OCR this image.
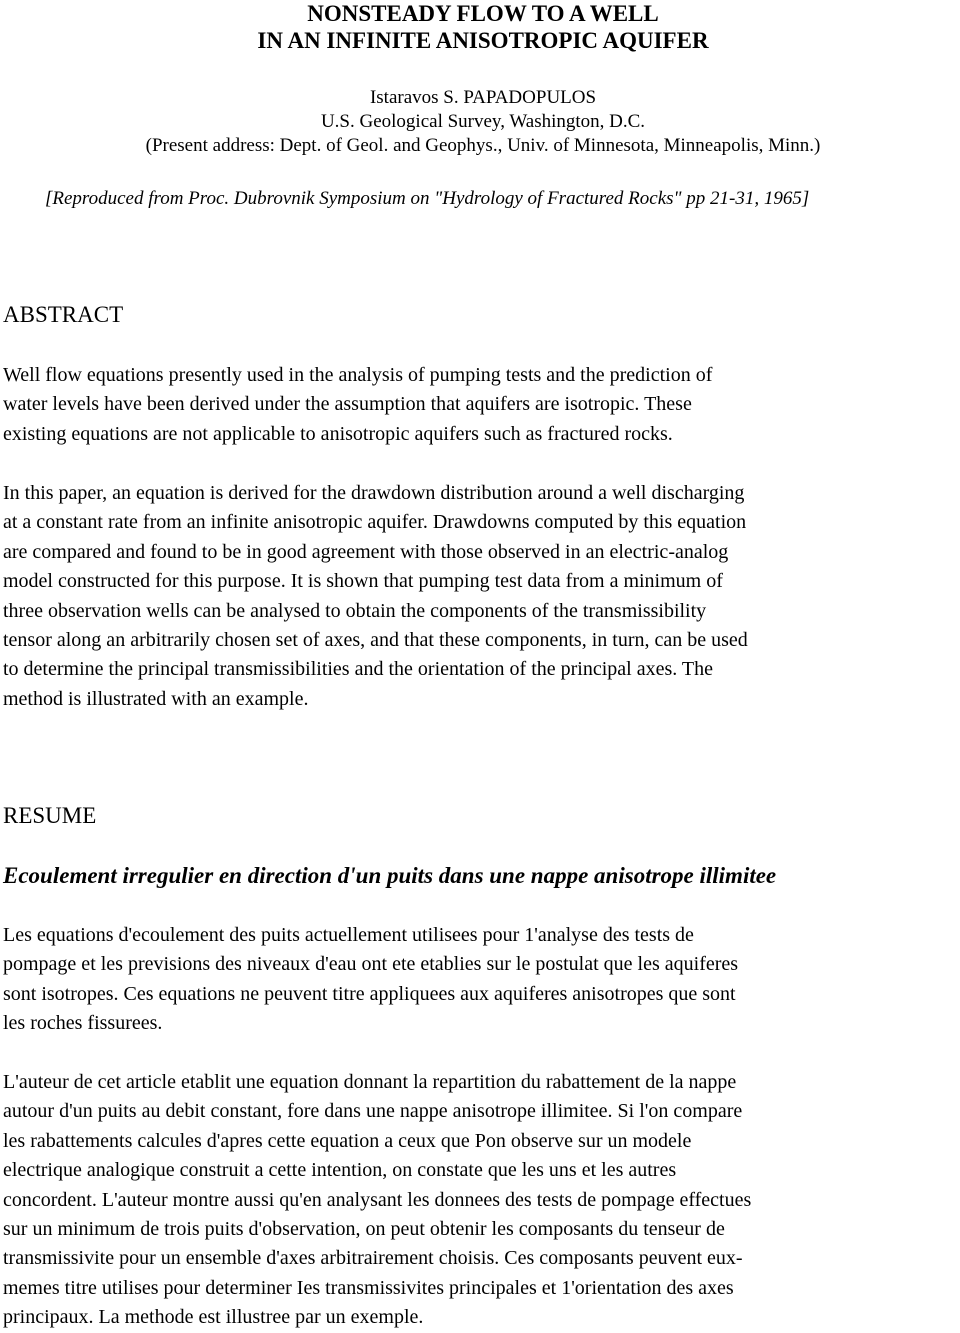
NONSTEADY FLOW TO A WELL
IN AN INFINITE ANISOTROPIC AQUIFER
Istaravos S. PAPADOPULOS
U.S. Geological Survey, Washington, D.C.
(Present address: Dept. of Geol. and Geophys., Univ. of Minnesota, Minneapolis, Minn.)
[Reproduced from Proc. Dubrovnik Symposium on "Hydrology of Fractured Rocks" pp 21-31, 1965]
ABSTRACT
Well flow equations presently used in the analysis of pumping tests and the prediction of
water levels have been derived under the assumption that aquifers are isotropic. These
existing equations are not applicable to anisotropic aquifers such as fractured rocks.
In this paper, an equation is derived for the drawdown distribution around a well discharging
at a constant rate from an infinite anisotropic aquifer. Drawdowns computed by this equation
are compared and found to be in good agreement with those observed in an electric-analog
model constructed for this purpose. It is shown that pumping test data from a minimum of
three observation wells can be analysed to obtain the components of the transmissibility
tensor along an arbitrarily chosen set of axes, and that these components, in turn, can be used
to determine the principal transmissibilities and the orientation of the principal axes. The
method is illustrated with an example.
RESUME
Ecoulement irregulier en direction d'un puits dans une nappe anisotrope illimitee
Les equations d'ecoulement des puits actuellement utilisees pour 1'analyse des tests de
pompage et les previsions des niveaux d'eau ont ete etablies sur le postulat que les aquiferes
sont isotropes. Ces equations ne peuvent titre appliquees aux aquiferes anisotropes que sont
les roches fissurees.
L'auteur de cet article etablit une equation donnant la repartition du rabattement de la nappe
autour d'un puits au debit constant, fore dans une nappe anisotrope illimitee. Si l'on compare
les rabattements calcules d'apres cette equation a ceux que Pon observe sur un modele
electrique analogique construit a cette intention, on constate que les uns et les autres
concordent. L'auteur montre aussi qu'en analysant les donnees des tests de pompage effectues
sur un minimum de trois puits d'observation, on peut obtenir les composants du tenseur de
transmissivite pour un ensemble d'axes arbitrairement choisis. Ces composants peuvent eux-
memes titre utilises pour determiner Ies transmissivites principales et 1'orientation des axes
principaux. La methode est illustree par un exemple.
